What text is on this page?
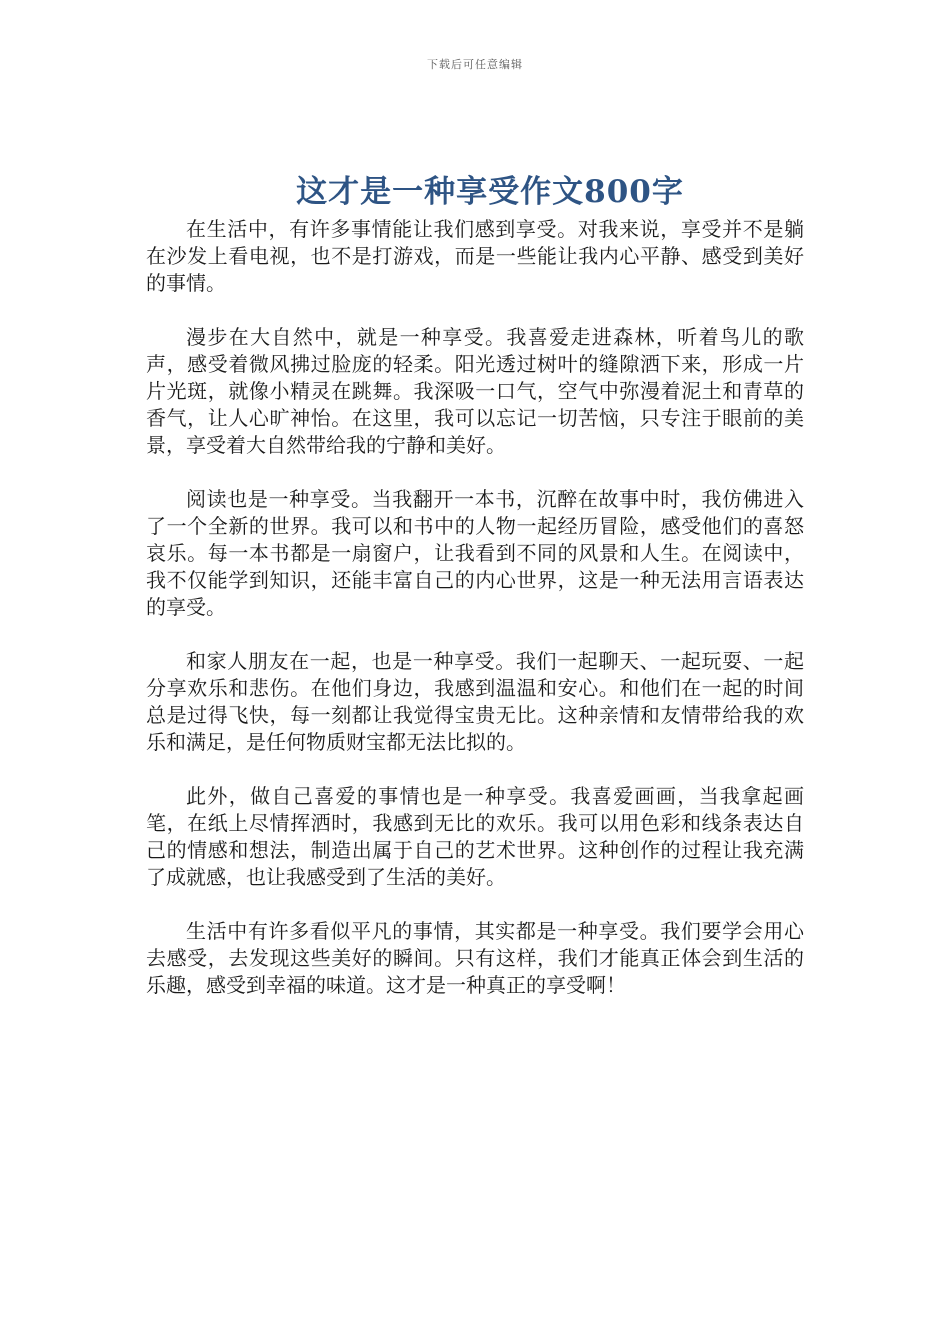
下载后可任意编辑
这才是一种享受作文800字

在生活中，有许多事情能让我们感到享受。对我来说，享受并不是躺在沙发上看电视，也不是打游戏，而是一些能让我内心平静、感受到美好的事情。

漫步在大自然中，就是一种享受。我喜爱走进森林，听着鸟儿的歌声，感受着微风拂过脸庞的轻柔。阳光透过树叶的缝隙洒下来，形成一片片光斑，就像小精灵在跳舞。我深吸一口气，空气中弥漫着泥土和青草的香气，让人心旷神怡。在这里，我可以忘记一切苦恼，只专注于眼前的美景，享受着大自然带给我的宁静和美好。

阅读也是一种享受。当我翻开一本书，沉醉在故事中时，我仿佛进入了一个全新的世界。我可以和书中的人物一起经历冒险，感受他们的喜怒哀乐。每一本书都是一扇窗户，让我看到不同的风景和人生。在阅读中，我不仅能学到知识，还能丰富自己的内心世界，这是一种无法用言语表达的享受。

和家人朋友在一起，也是一种享受。我们一起聊天、一起玩耍、一起分享欢乐和悲伤。在他们身边，我感到温温和安心。和他们在一起的时间总是过得飞快，每一刻都让我觉得宝贵无比。这种亲情和友情带给我的欢乐和满足，是任何物质财宝都无法比拟的。

此外，做自己喜爱的事情也是一种享受。我喜爱画画，当我拿起画笔，在纸上尽情挥洒时，我感到无比的欢乐。我可以用色彩和线条表达自己的情感和想法，制造出属于自己的艺术世界。这种创作的过程让我充满了成就感，也让我感受到了生活的美好。

生活中有许多看似平凡的事情，其实都是一种享受。我们要学会用心去感受，去发现这些美好的瞬间。只有这样，我们才能真正体会到生活的乐趣，感受到幸福的味道。这才是一种真正的享受啊！
